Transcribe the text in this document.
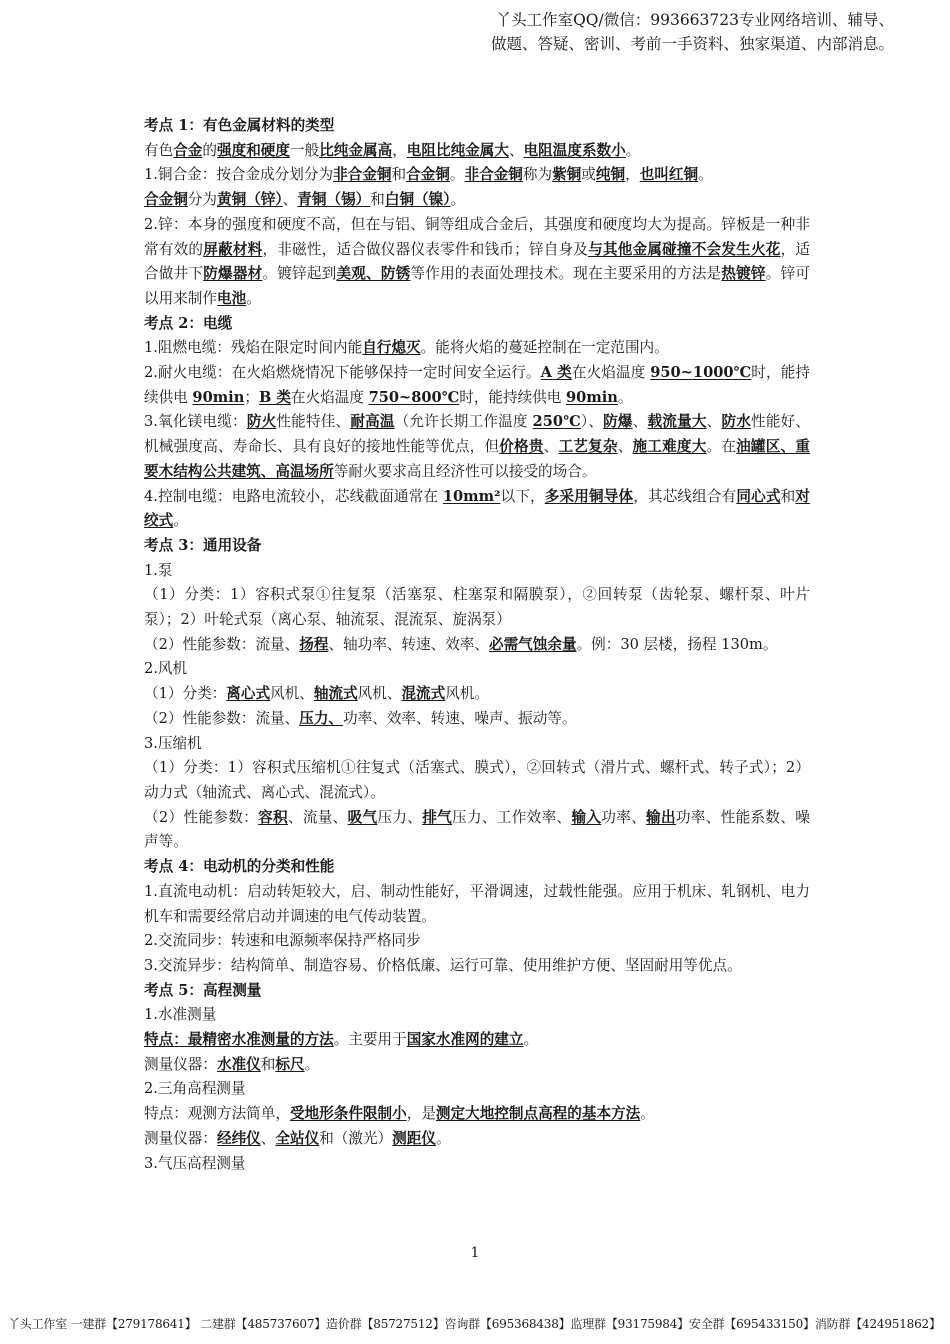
丫头工作室QQ/微信：993663723专业网络培训、辅导、
做题、答疑、密训、考前一手资料、独家渠道、内部消息。

考点 1：有色金属材料的类型

有色合金的强度和硬度一般比纯金属高，电阻比纯金属大、电阻温度系数小。

1.铜合金：按合金成分划分为非合金铜和合金铜。非合金铜称为紫铜或纯铜，也叫红铜。

合金铜分为黄铜（锌）、青铜（锡）和白铜（镍）。

2.锌：本身的强度和硬度不高，但在与铝、铜等组成合金后，其强度和硬度均大为提高。锌板是一种非常有效的屏蔽材料，非磁性，适合做仪器仪表零件和钱币；锌自身及与其他金属碰撞不会发生火花，适合做井下防爆器材。镀锌起到美观、防锈等作用的表面处理技术。现在主要采用的方法是热镀锌。锌可以用来制作电池。

考点 2：电缆

1.阻燃电缆：残焰在限定时间内能自行熄灭。能将火焰的蔓延控制在一定范围内。

2.耐火电缆：在火焰燃烧情况下能够保持一定时间安全运行。A 类在火焰温度 950~1000℃时，能持续供电 90min；B 类在火焰温度 750~800℃时，能持续供电 90min。

3.氧化镁电缆：防火性能特佳、耐高温（允许长期工作温度 250℃）、防爆、载流量大、防水性能好、机械强度高、寿命长、具有良好的接地性能等优点，但价格贵、工艺复杂、施工难度大。在油罐区、重要木结构公共建筑、高温场所等耐火要求高且经济性可以接受的场合。

4.控制电缆：电路电流较小，芯线截面通常在 10mm²以下，多采用铜导体，其芯线组合有同心式和对绞式。

考点 3：通用设备

1.泵

（1）分类：1）容积式泵①往复泵（活塞泵、柱塞泵和隔膜泵），②回转泵（齿轮泵、螺杆泵、叶片泵）；2）叶轮式泵（离心泵、轴流泵、混流泵、旋涡泵）

（2）性能参数：流量、扬程、轴功率、转速、效率、必需气蚀余量。例：30 层楼，扬程 130m。

2.风机

（1）分类：离心式风机、轴流式风机、混流式风机。

（2）性能参数：流量、压力、功率、效率、转速、噪声、振动等。

3.压缩机

（1）分类：1）容积式压缩机①往复式（活塞式、膜式），②回转式（滑片式、螺杆式、转子式）；2）动力式（轴流式、离心式、混流式）。

（2）性能参数：容积、流量、吸气压力、排气压力、工作效率、输入功率、输出功率、性能系数、噪声等。

考点 4：电动机的分类和性能

1.直流电动机：启动转矩较大，启、制动性能好，平滑调速，过载性能强。应用于机床、轧钢机、电力机车和需要经常启动并调速的电气传动装置。

2.交流同步：转速和电源频率保持严格同步

3.交流异步：结构简单、制造容易、价格低廉、运行可靠、使用维护方便、坚固耐用等优点。

考点 5：高程测量

1.水准测量

特点：最精密水准测量的方法。主要用于国家水准网的建立。

测量仪器：水准仪和标尺。

2.三角高程测量

特点：观测方法简单，受地形条件限制小，是测定大地控制点高程的基本方法。

测量仪器：经纬仪、全站仪和（激光）测距仪。

3.气压高程测量

1
丫头工作室 一建群【279178641】 二建群【485737607】造价群【85727512】咨询群【695368438】监理群【93175984】安全群【695433150】消防群【424951862】
